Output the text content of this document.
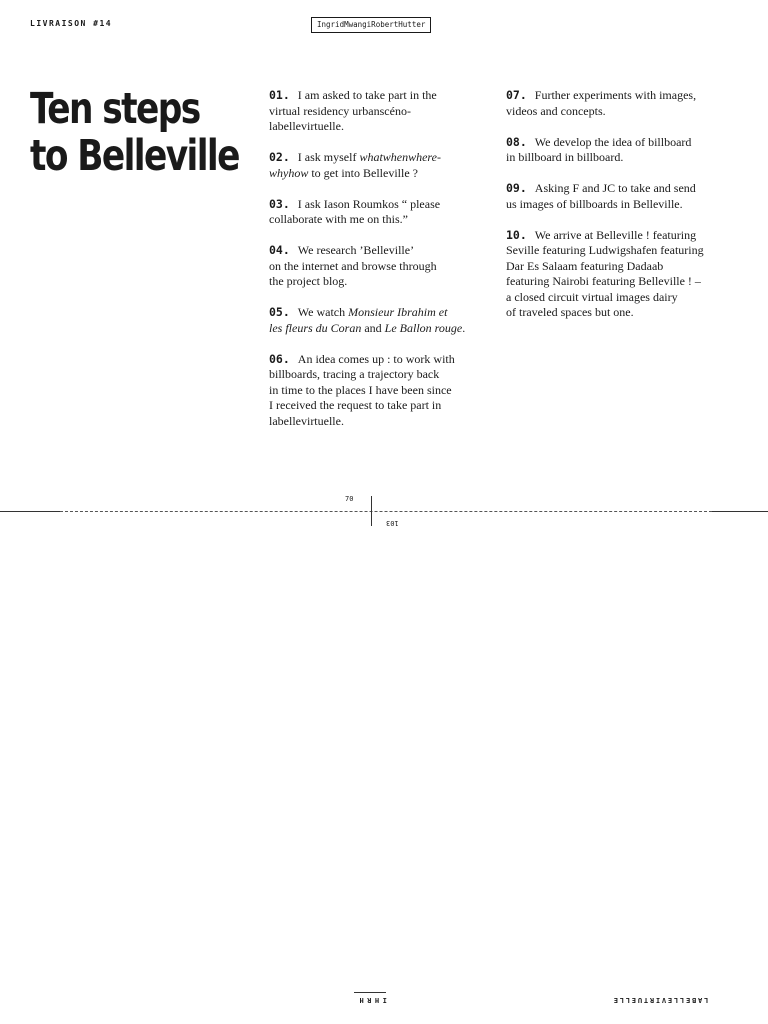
LIVRAISON #14	IngridMwangiRobertHutter
Ten steps
to Belleville

01. I am asked to take part in the
virtual residency urbanscéno-
labellevirtuelle.

02. I ask myself whatwhenwhere-
whyhow to get into Belleville ?

03. I ask Iason Roumkos “ please
collaborate with me on this.”

04. We research ’Belleville’
on the internet and browse through
the project blog.

05. We watch Monsieur Ibrahim et
les fleurs du Coran and Le Ballon rouge.

06. An idea comes up : to work with
billboards, tracing a trajectory back
in time to the places I have been since
I received the request to take part in
labellevirtuelle.

07. Further experiments with images,
videos and concepts.

08. We develop the idea of billboard
in billboard in billboard.

09. Asking F and JC to take and send
us images of billboards in Belleville.

10. We arrive at Belleville ! featuring
Seville featuring Ludwigshafen featuring
Dar Es Salaam featuring Dadaab
featuring Nairobi featuring Belleville ! –
a closed circuit virtual images dairy
of traveled spaces but one.

70
103
IHRH	LABELLEVIRTUELLE
